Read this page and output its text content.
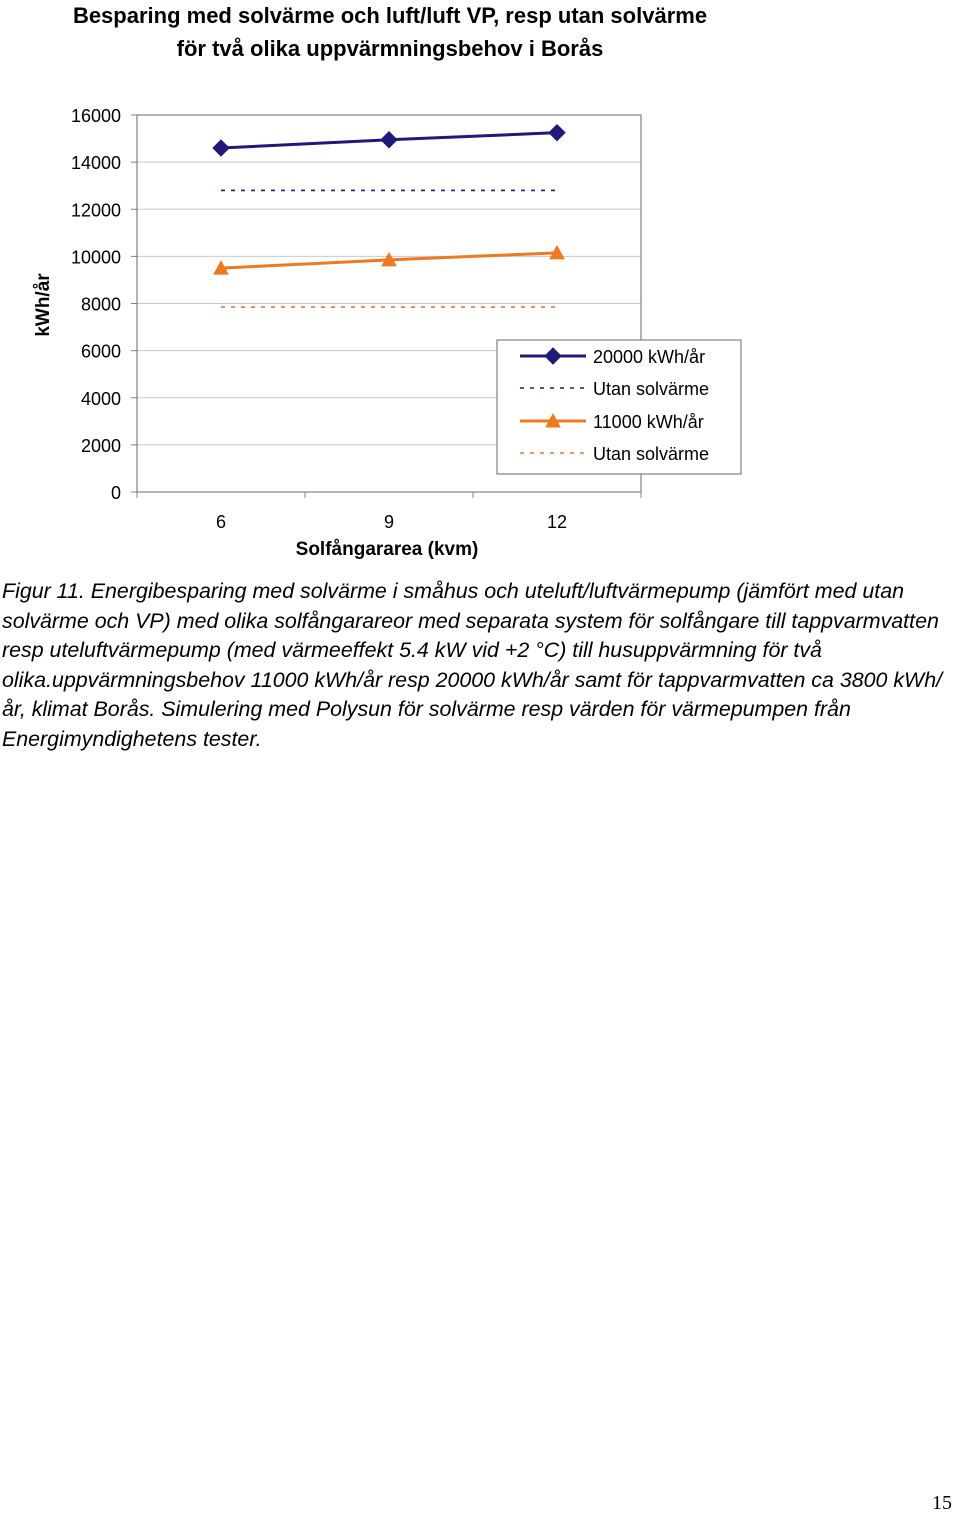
Besparing med solvärme och luft/luft VP, resp utan solvärme för två olika uppvärmningsbehov i Borås
0
2000
4000
6000
8000
10000
12000
14000
16000
6	9	12
kWh/år
Solfångararea (kvm)
20000 kWh/år
Utan solvärme
11000 kWh/år
Utan solvärme
Figur 11. Energibesparing med solvärme i småhus och uteluft/luftvärmepump (jämfört med utan solvärme och VP) med olika solfångarareor med separata system för solfångare till tappvarmvatten resp uteluftvärmepump (med värmeeffekt 5.4 kW vid +2 °C) till husuppvärmning för två olika.uppvärmningsbehov 11000 kWh/år resp 20000 kWh/år samt för tappvarmvatten ca 3800 kWh/år, klimat Borås. Simulering med Polysun för solvärme resp värden för värmepumpen från Energimyndighetens tester.
15
